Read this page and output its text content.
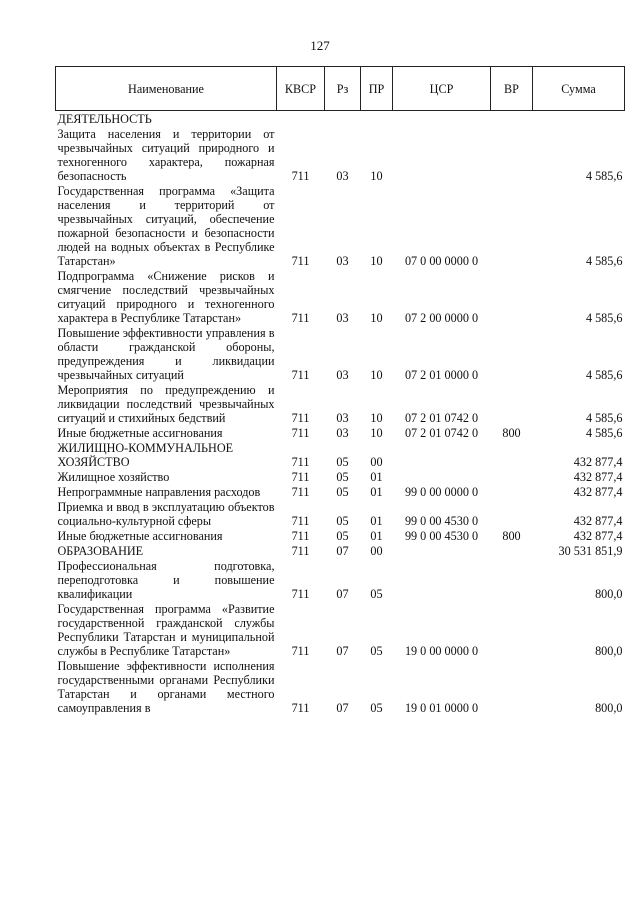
127
Наименование	КВСР	Рз	ПР	ЦСР	ВР	Сумма
ДЕЯТЕЛЬНОСТЬ						
Защита населения и территории от чрезвычайных ситуаций природного и техногенного характера, пожарная безопасность	711	03	10			4 585,6
Государственная программа «Защита населения и территорий от чрезвычайных ситуаций, обеспечение пожарной безопасности и безопасности людей на водных объектах в Республике Татарстан»	711	03	10	07 0 00 0000 0		4 585,6
Подпрограмма «Снижение рисков и смягчение последствий чрезвычайных ситуаций природного и техногенного характера в Республике Татарстан»	711	03	10	07 2 00 0000 0		4 585,6
Повышение эффективности управления в области гражданской обороны, предупреждения и ликвидации чрезвычайных ситуаций	711	03	10	07 2 01 0000 0		4 585,6
Мероприятия по предупреждению и ликвидации последствий чрезвычайных ситуаций и стихийных бедствий	711	03	10	07 2 01 0742 0		4 585,6
Иные бюджетные ассигнования	711	03	10	07 2 01 0742 0	800	4 585,6
ЖИЛИЩНО-КОММУНАЛЬНОЕ ХОЗЯЙСТВО	711	05	00			432 877,4
Жилищное хозяйство	711	05	01			432 877,4
Непрограммные направления расходов	711	05	01	99 0 00 0000 0		432 877,4
Приемка и ввод в эксплуатацию объектов социально-культурной сферы	711	05	01	99 0 00 4530 0		432 877,4
Иные бюджетные ассигнования	711	05	01	99 0 00 4530 0	800	432 877,4
ОБРАЗОВАНИЕ	711	07	00			30 531 851,9
Профессиональная подготовка, переподготовка и повышение квалификации	711	07	05			800,0
Государственная программа «Развитие государственной гражданской службы Республики Татарстан и муниципальной службы в Республике Татарстан»	711	07	05	19 0 00 0000 0		800,0
Повышение эффективности исполнения государственными органами Республики Татарстан и органами местного самоуправления в	711	07	05	19 0 01 0000 0		800,0
